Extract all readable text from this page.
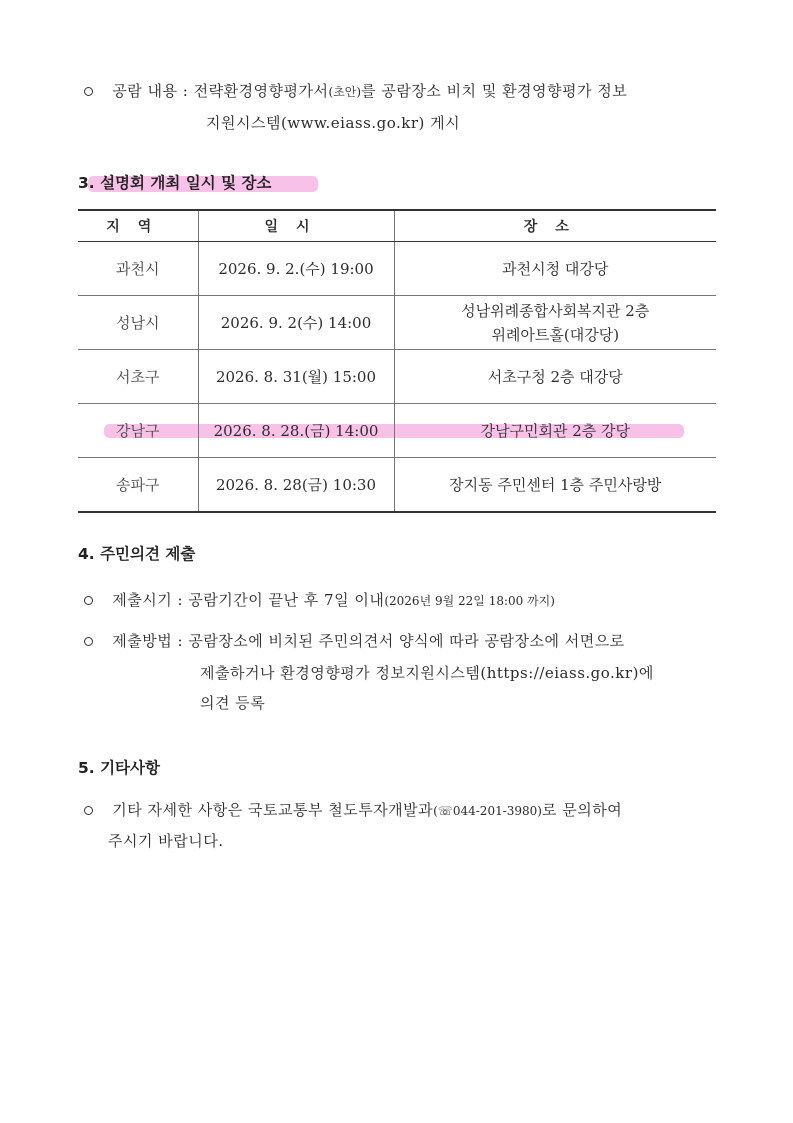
공람 내용 : 전략환경영향평가서(초안)를 공람장소 비치 및 환경영향평가 정보
지원시스템(www.eiass.go.kr) 게시
3. 설명회 개최 일시 및 장소
지역	일시	장소
과천시	2026. 9. 2.(수) 19:00	과천시청 대강당
성남시	2026. 9. 2(수) 14:00	성남위례종합사회복지관 2층
위례아트홀(대강당)
서초구	2026. 8. 31(월) 15:00	서초구청 2층 대강당
강남구	2026. 8. 28.(금) 14:00	강남구민회관 2층 강당
송파구	2026. 8. 28(금) 10:30	장지동 주민센터 1층 주민사랑방
4. 주민의견 제출
제출시기 : 공람기간이 끝난 후 7일 이내(2026년 9월 22일 18:00 까지)
제출방법 : 공람장소에 비치된 주민의견서 양식에 따라 공람장소에 서면으로
제출하거나 환경영향평가 정보지원시스템(https://eiass.go.kr)에
의견 등록
5. 기타사항
기타 자세한 사항은 국토교통부 철도투자개발과(☏044-201-3980)로 문의하여
주시기 바랍니다.
